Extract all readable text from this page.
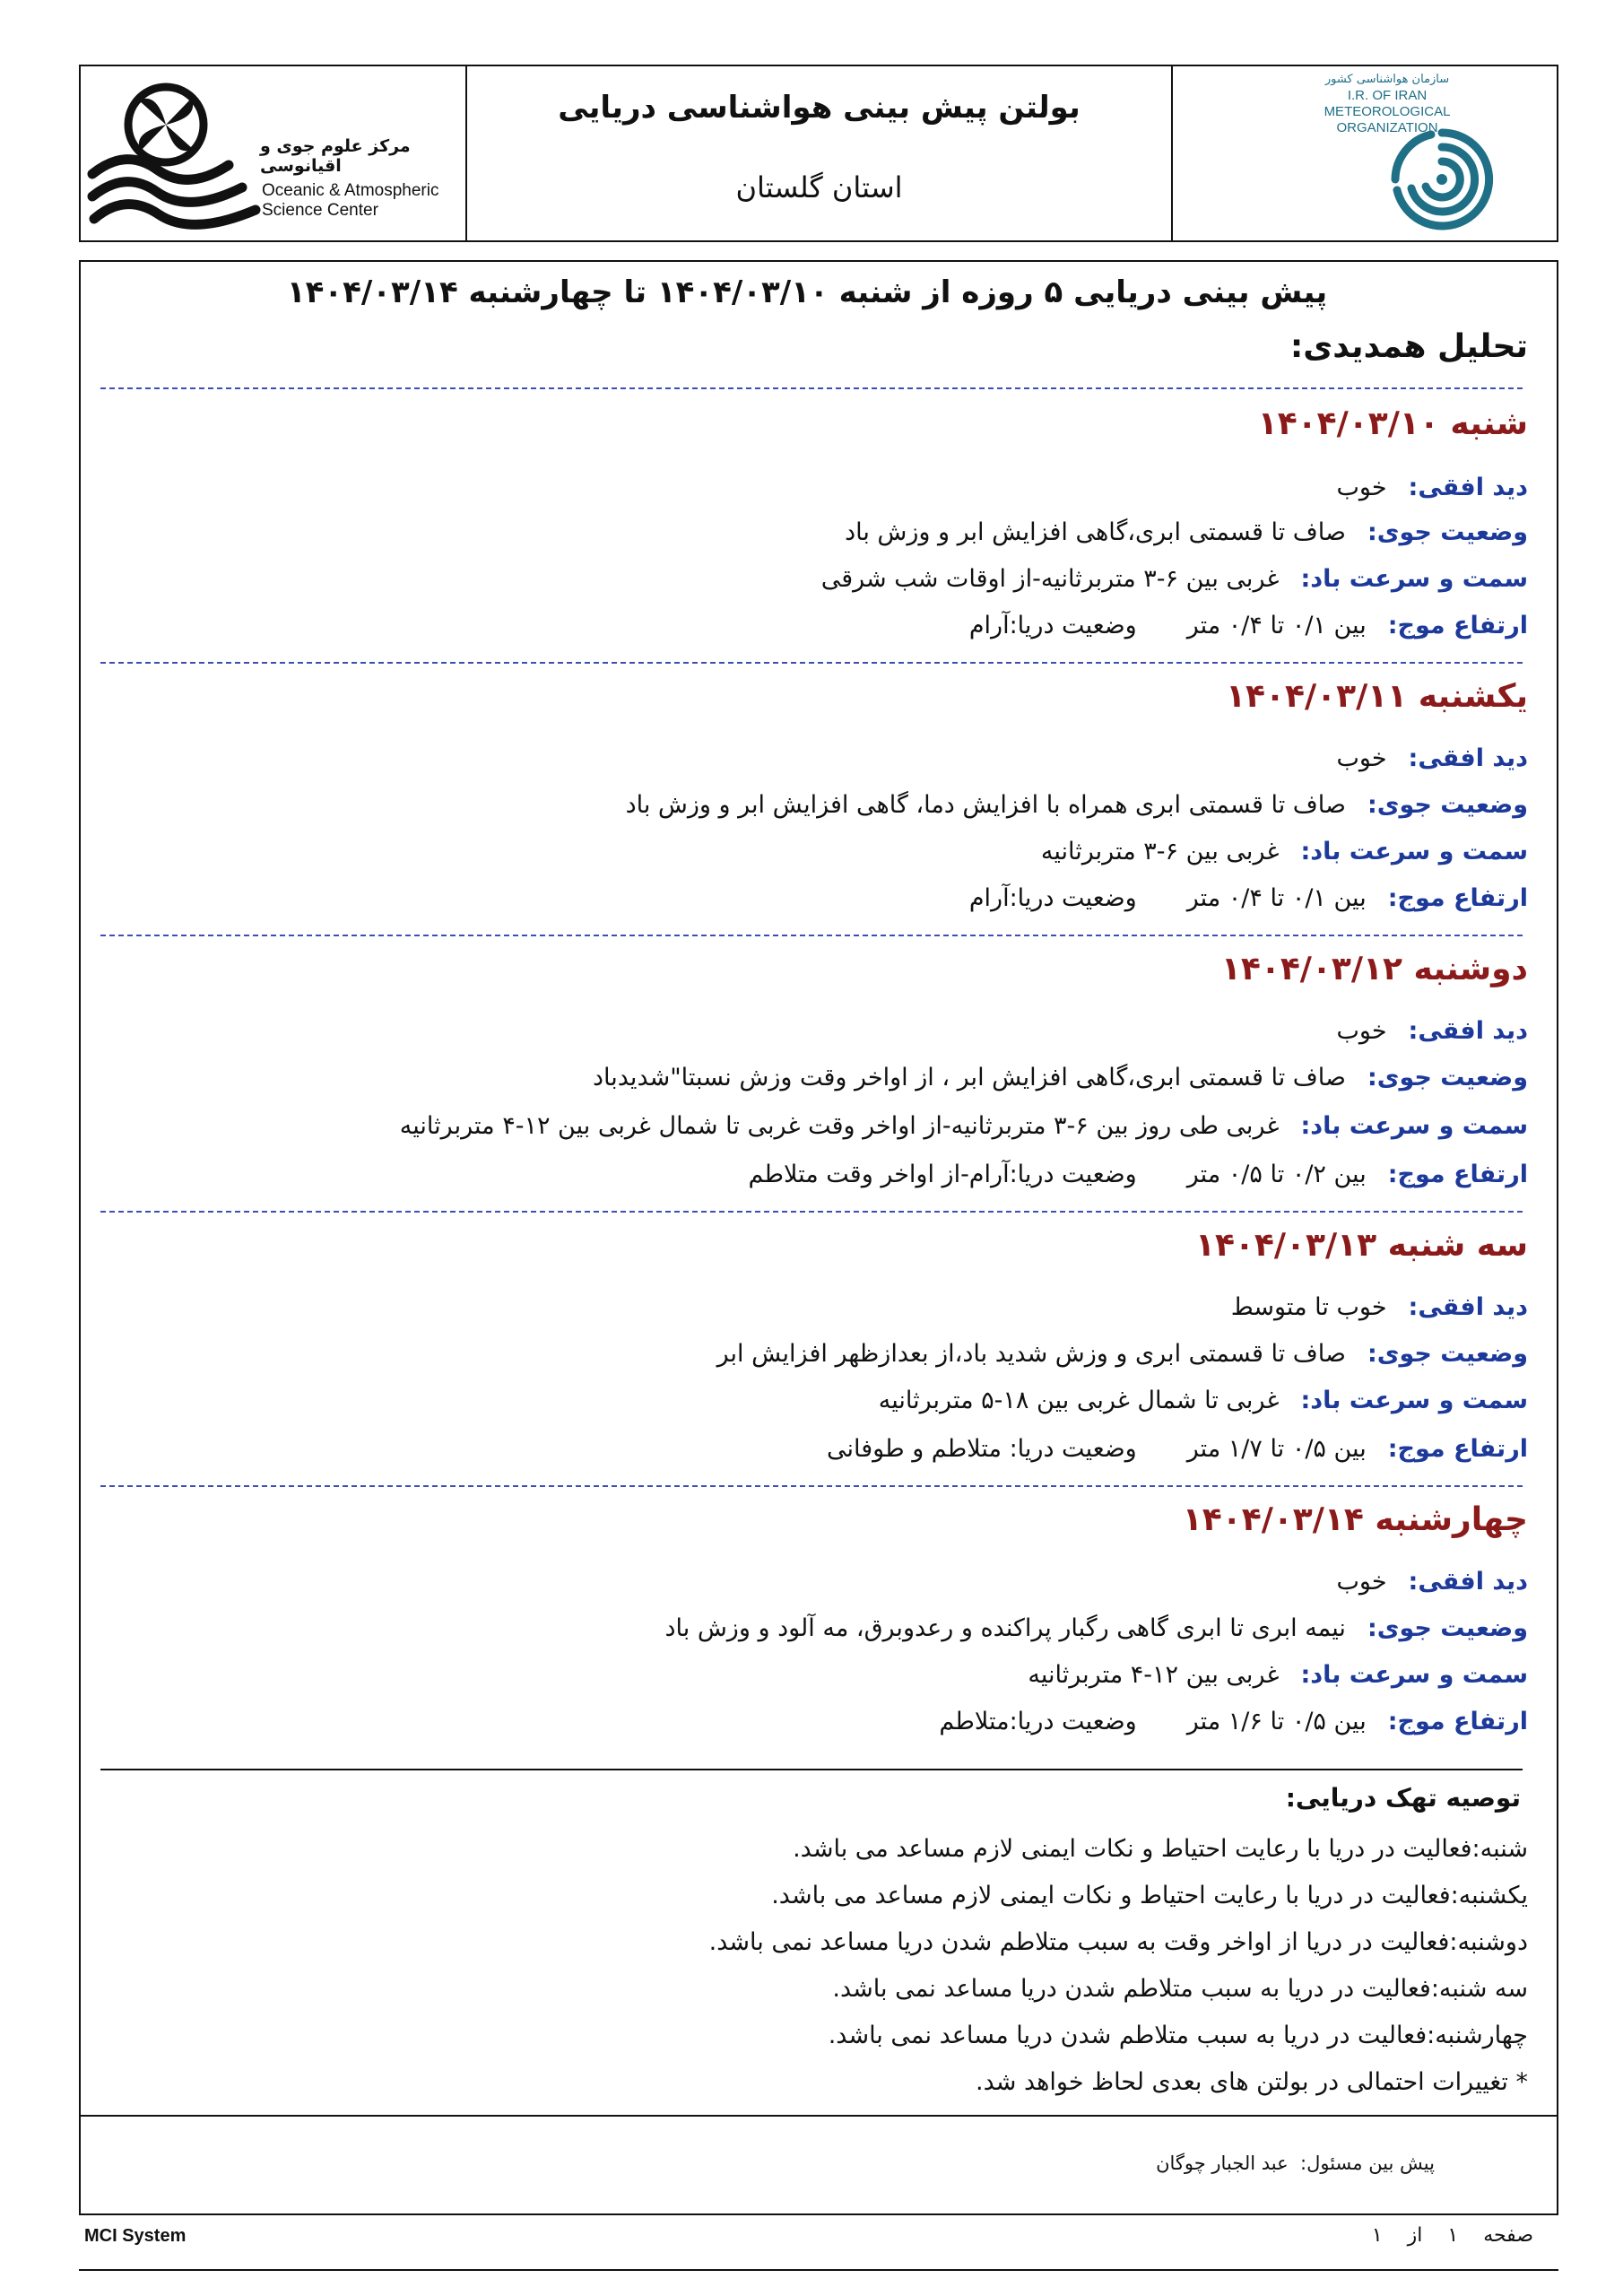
سازمان هواشناسی کشور
I.R. OF IRAN
METEOROLOGICAL
ORGANIZATION
بولتن پیش بینی هواشناسی دریایی
استان گلستان
مرکز علوم جوی و اقیانوسی
Oceanic & Atmospheric
Science Center
پیش بینی دریایی ۵ روزه از شنبه ۱۴۰۴/۰۳/۱۰ تا چهارشنبه ۱۴۰۴/۰۳/۱۴
تحلیل همدیدی:
شنبه ۱۴۰۴/۰۳/۱۰
دید افقی:خوب
وضعیت جوی:صاف تا قسمتی ابری،گاهی افزایش ابر و وزش باد
سمت و سرعت باد:غربی بین ۶-۳ متربرثانیه-از اوقات شب شرقی
ارتفاع موج:بین ۰/۱ تا ۰/۴ متروضعیت دریا:آرام
یکشنبه ۱۴۰۴/۰۳/۱۱
دید افقی:خوب
وضعیت جوی:صاف تا قسمتی ابری همراه با افزایش دما، گاهی افزایش ابر و وزش باد
سمت و سرعت باد:غربی بین ۶-۳ متربرثانیه
ارتفاع موج:بین ۰/۱ تا ۰/۴ متروضعیت دریا:آرام
دوشنبه ۱۴۰۴/۰۳/۱۲
دید افقی:خوب
وضعیت جوی:صاف تا قسمتی ابری،گاهی افزایش ابر ، از اواخر وقت وزش نسبتا"شدیدباد
سمت و سرعت باد:غربی طی روز بین ۶-۳ متربرثانیه-از اواخر وقت غربی تا شمال غربی بین ۱۲-۴ متربرثانیه
ارتفاع موج:بین ۰/۲ تا ۰/۵ متروضعیت دریا:آرام-از اواخر وقت متلاطم
سه شنبه ۱۴۰۴/۰۳/۱۳
دید افقی:خوب تا متوسط
وضعیت جوی:صاف تا قسمتی ابری و وزش شدید باد،از بعدازظهر افزایش ابر
سمت و سرعت باد:غربی تا شمال غربی بین ۱۸-۵ متربرثانیه
ارتفاع موج:بین ۰/۵ تا ۱/۷ متروضعیت دریا: متلاطم و طوفانی
چهارشنبه ۱۴۰۴/۰۳/۱۴
دید افقی:خوب
وضعیت جوی:نیمه ابری تا ابری گاهی رگبار پراکنده و رعدوبرق، مه آلود و وزش باد
سمت و سرعت باد:غربی بین ۱۲-۴ متربرثانیه
ارتفاع موج:بین ۰/۵ تا ۱/۶ متروضعیت دریا:متلاطم
توصیه تهک دریایی:
شنبه:فعالیت در دریا با رعایت احتیاط و نکات ایمنی لازم مساعد می باشد.
یکشنبه:فعالیت در دریا با رعایت احتیاط و نکات ایمنی لازم مساعد می باشد.
دوشنبه:فعالیت در دریا از اواخر وقت به سبب متلاطم شدن دریا مساعد نمی باشد.
سه شنبه:فعالیت در دریا به سبب متلاطم شدن دریا مساعد نمی باشد.
چهارشنبه:فعالیت در دریا به سبب متلاطم شدن دریا مساعد نمی باشد.
* تغییرات احتمالی در بولتن های بعدی لحاظ خواهد شد.
پیش بین مسئول:  عبد الجبار چوگان
MCI System	صفحه    ۱    از    ۱
